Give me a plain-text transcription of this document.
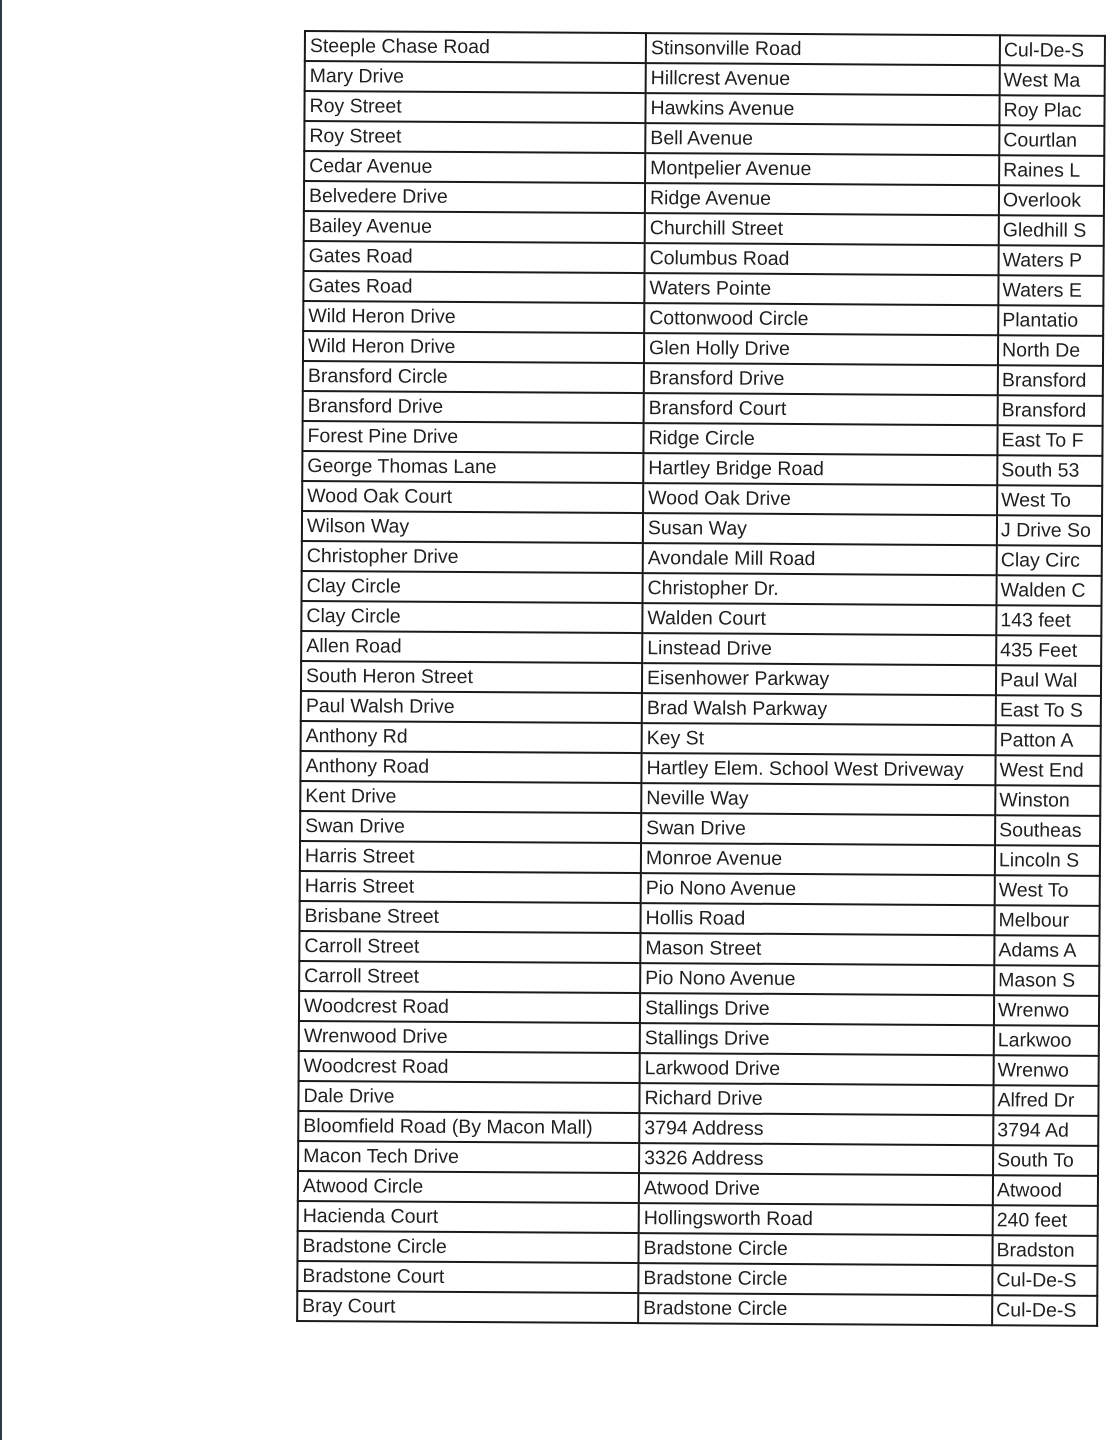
Steeple Chase Road	Stinsonville Road	Cul-De-S
Mary Drive	Hillcrest Avenue	West Ma
Roy Street	Hawkins Avenue	Roy Plac
Roy Street	Bell Avenue	Courtlan
Cedar Avenue	Montpelier Avenue	Raines L
Belvedere Drive	Ridge Avenue	Overlook
Bailey Avenue	Churchill Street	Gledhill S
Gates Road	Columbus Road	Waters P
Gates Road	Waters Pointe	Waters E
Wild Heron Drive	Cottonwood Circle	Plantatio
Wild Heron Drive	Glen Holly Drive	North De
Bransford Circle	Bransford Drive	Bransford
Bransford Drive	Bransford Court	Bransford
Forest Pine Drive	Ridge Circle	East To F
George Thomas Lane	Hartley Bridge Road	South 53
Wood Oak Court	Wood Oak Drive	West To
Wilson Way	Susan Way	J Drive So
Christopher Drive	Avondale Mill Road	Clay Circ
Clay Circle	Christopher Dr.	Walden C
Clay Circle	Walden Court	143 feet
Allen Road	Linstead Drive	435 Feet
South Heron Street	Eisenhower Parkway	Paul Wal
Paul Walsh Drive	Brad Walsh Parkway	East To S
Anthony Rd	Key St	Patton A
Anthony Road	Hartley Elem. School West Driveway	West End
Kent Drive	Neville Way	Winston
Swan Drive	Swan Drive	Southeas
Harris Street	Monroe Avenue	Lincoln S
Harris Street	Pio Nono Avenue	West To
Brisbane Street	Hollis Road	Melbour
Carroll Street	Mason Street	Adams A
Carroll Street	Pio Nono Avenue	Mason S
Woodcrest Road	Stallings Drive	Wrenwo
Wrenwood Drive	Stallings Drive	Larkwoo
Woodcrest Road	Larkwood Drive	Wrenwo
Dale Drive	Richard Drive	Alfred Dr
Bloomfield Road (By Macon Mall)	3794 Address	3794 Ad
Macon Tech Drive	3326 Address	South To
Atwood Circle	Atwood Drive	Atwood
Hacienda Court	Hollingsworth Road	240 feet
Bradstone Circle	Bradstone Circle	Bradston
Bradstone Court	Bradstone Circle	Cul-De-S
Bray Court	Bradstone Circle	Cul-De-S
